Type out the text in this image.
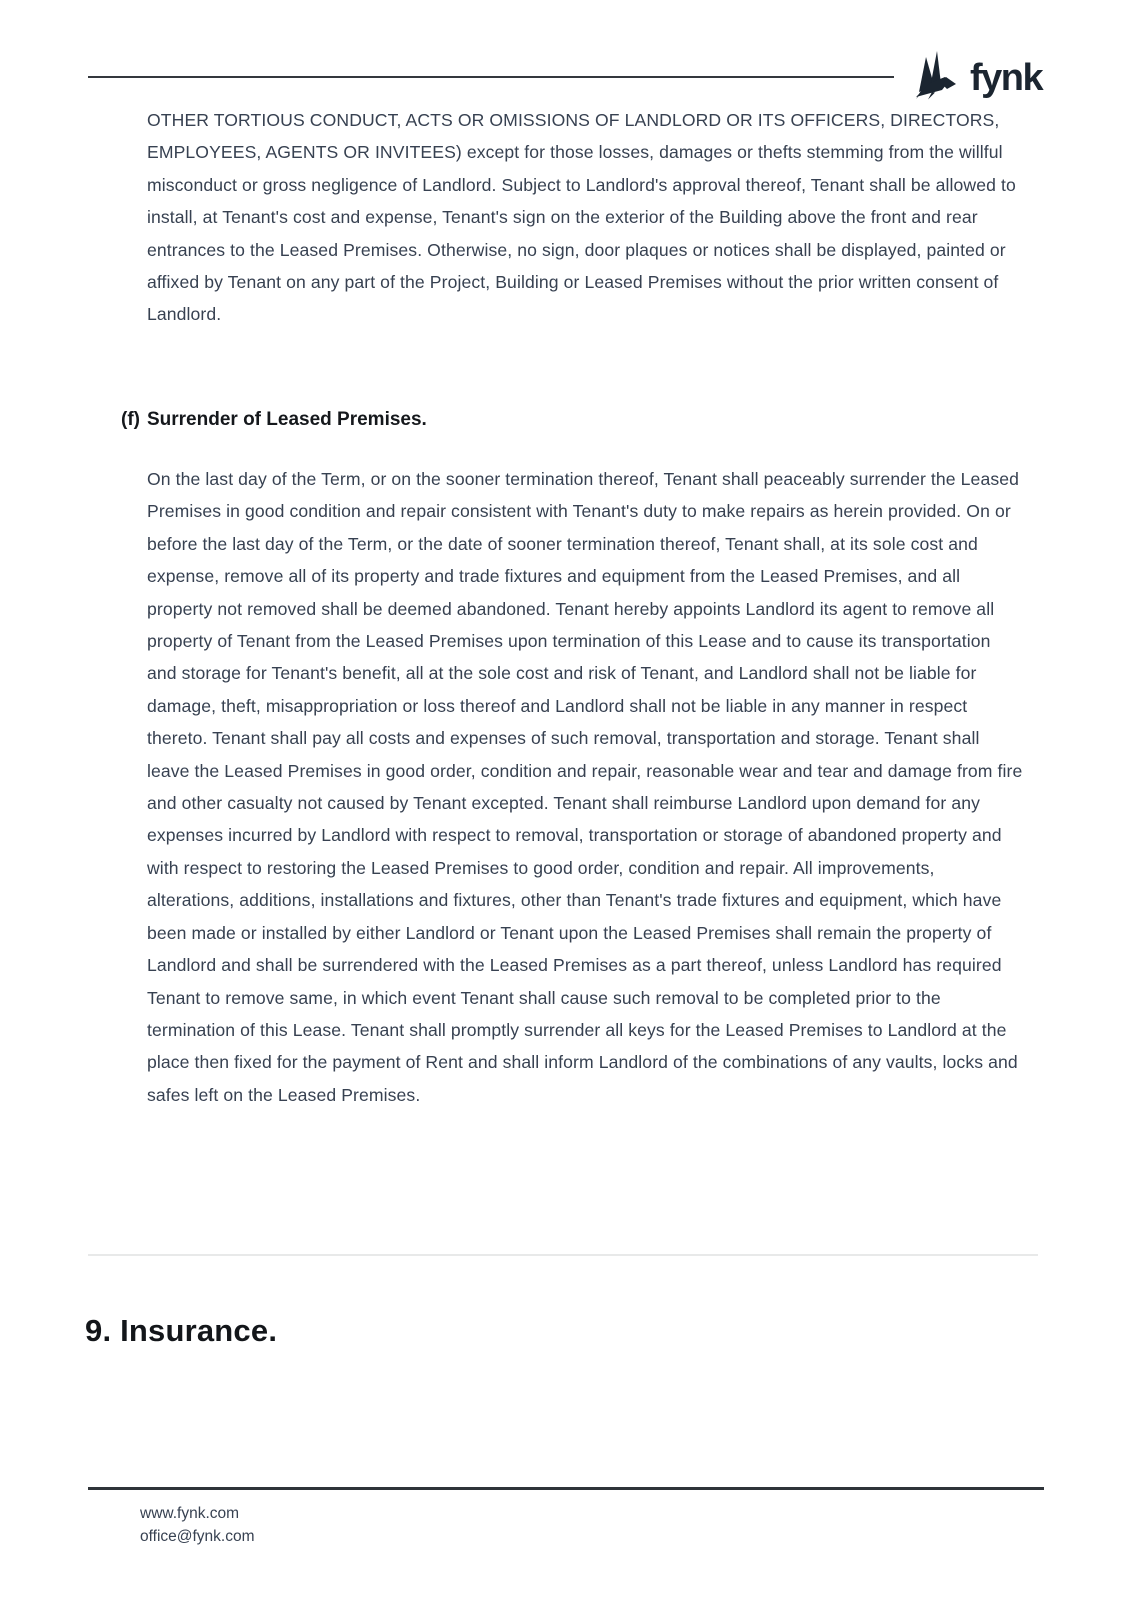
fynk

OTHER TORTIOUS CONDUCT, ACTS OR OMISSIONS OF LANDLORD OR ITS OFFICERS, DIRECTORS, EMPLOYEES, AGENTS OR INVITEES) except for those losses, damages or thefts stemming from the willful misconduct or gross negligence of Landlord. Subject to Landlord's approval thereof, Tenant shall be allowed to install, at Tenant's cost and expense, Tenant's sign on the exterior of the Building above the front and rear entrances to the Leased Premises. Otherwise, no sign, door plaques or notices shall be displayed, painted or affixed by Tenant on any part of the Project, Building or Leased Premises without the prior written consent of Landlord.

(f) Surrender of Leased Premises.

On the last day of the Term, or on the sooner termination thereof, Tenant shall peaceably surrender the Leased Premises in good condition and repair consistent with Tenant's duty to make repairs as herein provided. On or before the last day of the Term, or the date of sooner termination thereof, Tenant shall, at its sole cost and expense, remove all of its property and trade fixtures and equipment from the Leased Premises, and all property not removed shall be deemed abandoned. Tenant hereby appoints Landlord its agent to remove all property of Tenant from the Leased Premises upon termination of this Lease and to cause its transportation and storage for Tenant's benefit, all at the sole cost and risk of Tenant, and Landlord shall not be liable for damage, theft, misappropriation or loss thereof and Landlord shall not be liable in any manner in respect thereto. Tenant shall pay all costs and expenses of such removal, transportation and storage. Tenant shall leave the Leased Premises in good order, condition and repair, reasonable wear and tear and damage from fire and other casualty not caused by Tenant excepted. Tenant shall reimburse Landlord upon demand for any expenses incurred by Landlord with respect to removal, transportation or storage of abandoned property and with respect to restoring the Leased Premises to good order, condition and repair. All improvements, alterations, additions, installations and fixtures, other than Tenant's trade fixtures and equipment, which have been made or installed by either Landlord or Tenant upon the Leased Premises shall remain the property of Landlord and shall be surrendered with the Leased Premises as a part thereof, unless Landlord has required Tenant to remove same, in which event Tenant shall cause such removal to be completed prior to the termination of this Lease. Tenant shall promptly surrender all keys for the Leased Premises to Landlord at the place then fixed for the payment of Rent and shall inform Landlord of the combinations of any vaults, locks and safes left on the Leased Premises.

9. Insurance.
www.fynk.com
office@fynk.com
